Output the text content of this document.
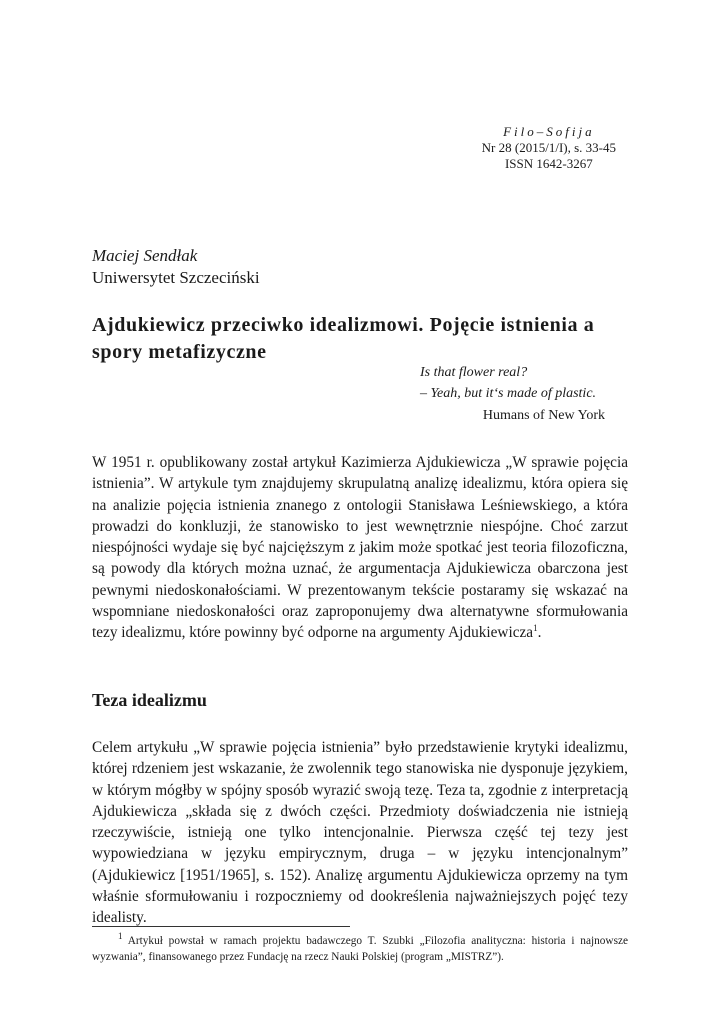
Filo–Sofija
Nr 28 (2015/1/I), s. 33-45
ISSN 1642-3267
Maciej Sendłak
Uniwersytet Szczeciński
Ajdukiewicz przeciwko idealizmowi. Pojęcie istnienia a spory metafizyczne
Is that flower real?
– Yeah, but it‘s made of plastic.
Humans of New York

W 1951 r. opublikowany został artykuł Kazimierza Ajdukiewicza „W sprawie pojęcia istnienia”. W artykule tym znajdujemy skrupulatną analizę idealizmu, która opiera się na analizie pojęcia istnienia znanego z ontologii Stanisława Leśniewskiego, a która prowadzi do konkluzji, że stanowisko to jest wewnętrznie niespójne. Choć zarzut niespójności wydaje się być najcięższym z jakim może spotkać jest teoria filozoficzna, są powody dla których można uznać, że argumentacja Ajdukiewicza obarczona jest pewnymi niedoskonałościami. W prezentowanym tekście postaramy się wskazać na wspomniane niedoskonałości oraz zaproponujemy dwa alternatywne sformułowania tezy idealizmu, które powinny być odporne na argumenty Ajdukiewicza$^1$.

Teza idealizmu

Celem artykułu „W sprawie pojęcia istnienia” było przedstawienie krytyki idealizmu, której rdzeniem jest wskazanie, że zwolennik tego stanowiska nie dysponuje językiem, w którym mógłby w spójny sposób wyrazić swoją tezę. Teza ta, zgodnie z interpretacją Ajdukiewicza „składa się z dwóch części. Przedmioty doświadczenia nie istnieją rzeczywiście, istnieją one tylko intencjonalnie. Pierwsza część tej tezy jest wypowiedziana w języku empirycznym, druga – w języku intencjonalnym” (Ajdukiewicz [1951/1965], s. 152). Analizę argumentu Ajdukiewicza oprzemy na tym właśnie sformułowaniu i rozpoczniemy od dookreślenia najważniejszych pojęć tezy idealisty.

$^1$ Artykuł powstał w ramach projektu badawczego T. Szubki „Filozofia analityczna: historia i najnowsze wyzwania”, finansowanego przez Fundację na rzecz Nauki Polskiej (program „MISTRZ”).
